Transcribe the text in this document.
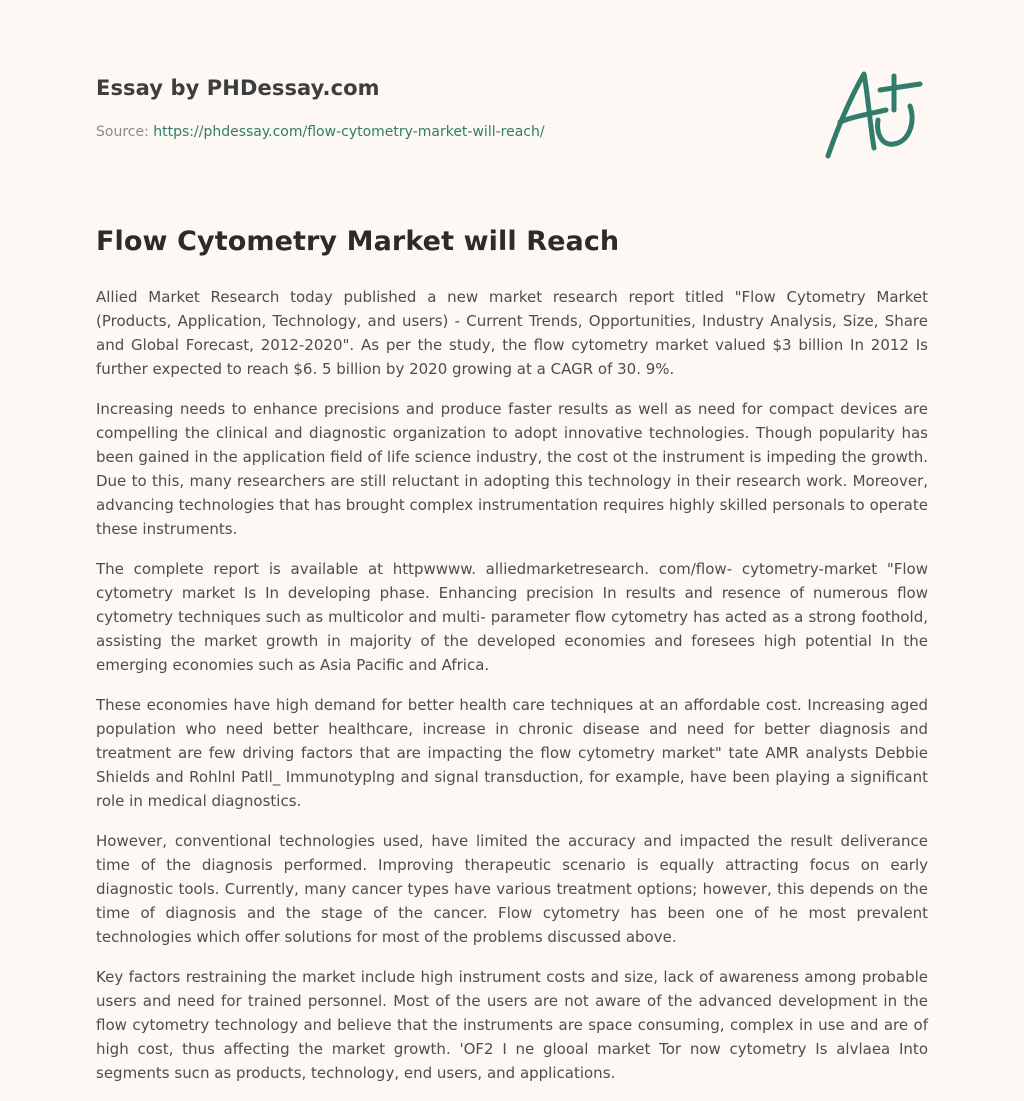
Essay by PHDessay.com
Source: https://phdessay.com/flow-cytometry-market-will-reach/
Flow Cytometry Market will Reach

Allied Market Research today published a new market research report titled "Flow Cytometry Market (Products, Application, Technology, and users) - Current Trends, Opportunities, Industry Analysis, Size, Share and Global Forecast, 2012-2020". As per the study, the flow cytometry market valued $3 billion In 2012 Is further expected to reach $6. 5 billion by 2020 growing at a CAGR of 30. 9%.

Increasing needs to enhance precisions and produce faster results as well as need for compact devices are compelling the clinical and diagnostic organization to adopt innovative technologies. Though popularity has been gained in the application field of life science industry, the cost ot the instrument is impeding the growth. Due to this, many researchers are still reluctant in adopting this technology in their research work. Moreover, advancing technologies that has brought complex instrumentation requires highly skilled personals to operate these instruments.

The complete report is available at httpwwww. alliedmarketresearch. com/flow- cytometry-market "Flow cytometry market Is In developing phase. Enhancing precision In results and resence of numerous flow cytometry techniques such as multicolor and multi- parameter flow cytometry has acted as a strong foothold, assisting the market growth in majority of the developed economies and foresees high potential In the emerging economies such as Asia Pacific and Africa.

These economies have high demand for better health care techniques at an affordable cost. Increasing aged population who need better healthcare, increase in chronic disease and need for better diagnosis and treatment are few driving factors that are impacting the flow cytometry market" tate AMR analysts Debbie Shields and Rohlnl Patll_ Immunotyplng and signal transduction, for example, have been playing a significant role in medical diagnostics.

However, conventional technologies used, have limited the accuracy and impacted the result deliverance time of the diagnosis performed. Improving therapeutic scenario is equally attracting focus on early diagnostic tools. Currently, many cancer types have various treatment options; however, this depends on the time of diagnosis and the stage of the cancer. Flow cytometry has been one of he most prevalent technologies which offer solutions for most of the problems discussed above.

Key factors restraining the market include high instrument costs and size, lack of awareness among probable users and need for trained personnel. Most of the users are not aware of the advanced development in the flow cytometry technology and believe that the instruments are space consuming, complex in use and are of high cost, thus affecting the market growth. 'OF2 I ne glooal market Tor now cytometry Is alvlaea Into segments sucn as products, technology, end users, and applications.
